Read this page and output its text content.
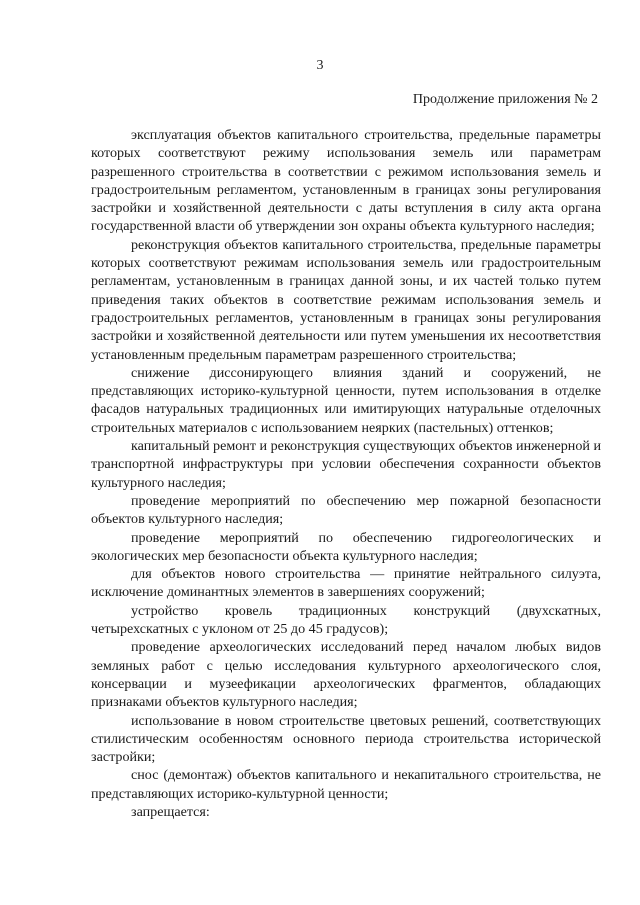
3
Продолжение приложения № 2

эксплуатация объектов капитального строительства, предельные параметры которых соответствуют режиму использования земель или параметрам разрешенного строительства в соответствии с режимом использования земель и градостроительным регламентом, установленным в границах зоны регулирования застройки и хозяйственной деятельности с даты вступления в силу акта органа государственной власти об утверждении зон охраны объекта культурного наследия;

реконструкция объектов капитального строительства, предельные параметры которых соответствуют режимам использования земель или градостроительным регламентам, установленным в границах данной зоны, и их частей только путем приведения таких объектов в соответствие режимам использования земель и градостроительных регламентов, установленным в границах зоны регулирования застройки и хозяйственной деятельности или путем уменьшения их несоответствия установленным предельным параметрам разрешенного строительства;

снижение диссонирующего влияния зданий и сооружений, не представляющих историко-культурной ценности, путем использования в отделке фасадов натуральных традиционных или имитирующих натуральные отделочных строительных материалов с использованием неярких (пастельных) оттенков;

капитальный ремонт и реконструкция существующих объектов инженерной и транспортной инфраструктуры при условии обеспечения сохранности объектов культурного наследия;

проведение мероприятий по обеспечению мер пожарной безопасности объектов культурного наследия;

проведение мероприятий по обеспечению гидрогеологических и экологических мер безопасности объекта культурного наследия;

для объектов нового строительства — принятие нейтрального силуэта, исключение доминантных элементов в завершениях сооружений;

устройство кровель традиционных конструкций (двухскатных, четырехскатных с уклоном от 25 до 45 градусов);

проведение археологических исследований перед началом любых видов земляных работ с целью исследования культурного археологического слоя, консервации и музеефикации археологических фрагментов, обладающих признаками объектов культурного наследия;

использование в новом строительстве цветовых решений, соответствующих стилистическим особенностям основного периода строительства исторической застройки;

снос (демонтаж) объектов капитального и некапитального строительства, не представляющих историко-культурной ценности;

запрещается:
